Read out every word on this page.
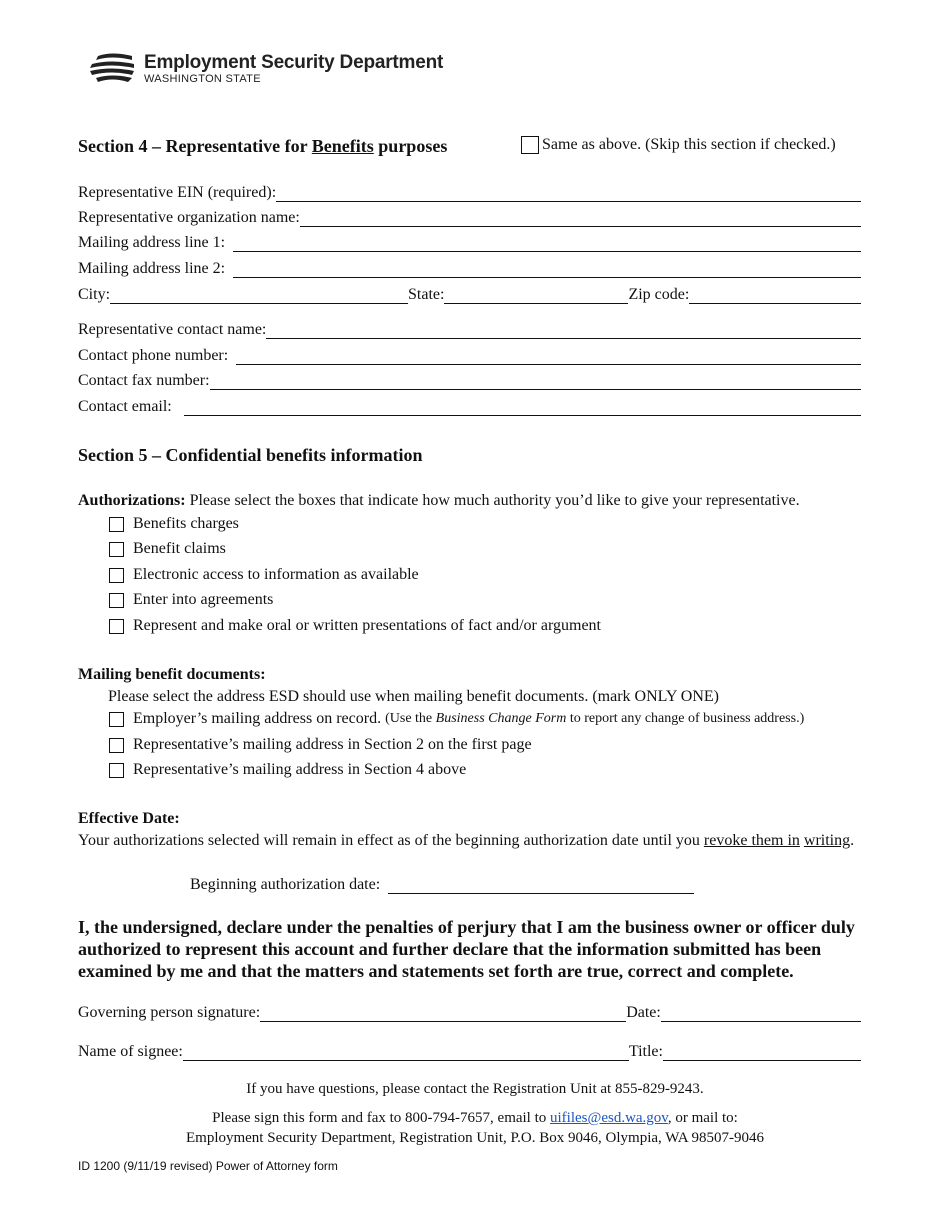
Employment Security Department
WASHINGTON STATE
Section 4 – Representative for Benefits purposes	Same as above. (Skip this section if checked.)
Representative EIN (required):
Representative organization name:
Mailing address line 1:
Mailing address line 2:
City:	State:	Zip code:
Representative contact name:
Contact phone number:
Contact fax number:
Contact email:
Section 5 – Confidential benefits information
Authorizations: Please select the boxes that indicate how much authority you’d like to give your representative.
Benefits charges
Benefit claims
Electronic access to information as available
Enter into agreements
Represent and make oral or written presentations of fact and/or argument
Mailing benefit documents:
Please select the address ESD should use when mailing benefit documents. (mark ONLY ONE)
Employer’s mailing address on record. (Use the Business Change Form to report any change of business address.)
Representative’s mailing address in Section 2 on the first page
Representative’s mailing address in Section 4 above
Effective Date:
Your authorizations selected will remain in effect as of the beginning authorization date until you revoke them in writing.
Beginning authorization date:
I, the undersigned, declare under the penalties of perjury that I am the business owner or officer duly authorized to represent this account and further declare that the information submitted has been examined by me and that the matters and statements set forth are true, correct and complete.
Governing person signature:	Date:
Name of signee:	Title:
If you have questions, please contact the Registration Unit at 855-829-9243.
Please sign this form and fax to 800-794-7657, email to uifiles@esd.wa.gov, or mail to:
Employment Security Department, Registration Unit, P.O. Box 9046, Olympia, WA 98507-9046
ID 1200 (9/11/19 revised) Power of Attorney form
